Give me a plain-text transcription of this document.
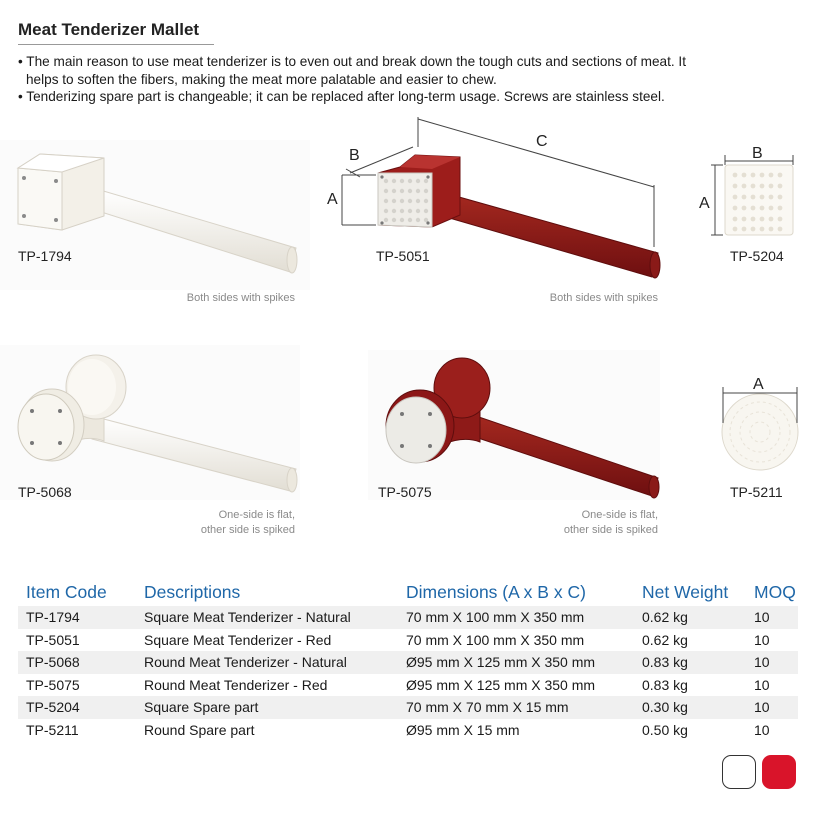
Meat Tenderizer Mallet

• The main reason to use meat tenderizer is to even out and break down the tough cuts and sections of meat. It

helps to soften the fibers, making the meat more palatable and easier to chew.

• Tenderizing spare part is changeable; it can be replaced after long-term usage. Screws are stainless steel.

TP-1794
Both sides with spikes
B
C
A
TP-5051
Both sides with spikes
B
A
TP-5204
TP-5068
One-side is flat,
other side is spiked
TP-5075
One-side is flat,
other side is spiked
A
TP-5211
Item Code	Descriptions	Dimensions (A x B x C)	Net Weight	MOQ
TP-1794	Square Meat Tenderizer - Natural	70 mm X 100 mm X 350 mm	0.62 kg	10
TP-5051	Square Meat Tenderizer - Red	70 mm X 100 mm X 350 mm	0.62 kg	10
TP-5068	Round Meat Tenderizer - Natural	Ø95 mm X 125 mm X 350 mm	0.83 kg	10
TP-5075	Round Meat Tenderizer - Red	Ø95 mm X 125 mm X 350 mm	0.83 kg	10
TP-5204	Square Spare part	70 mm X 70 mm X 15 mm	0.30 kg	10
TP-5211	Round Spare part	Ø95 mm X 15 mm	0.50 kg	10
